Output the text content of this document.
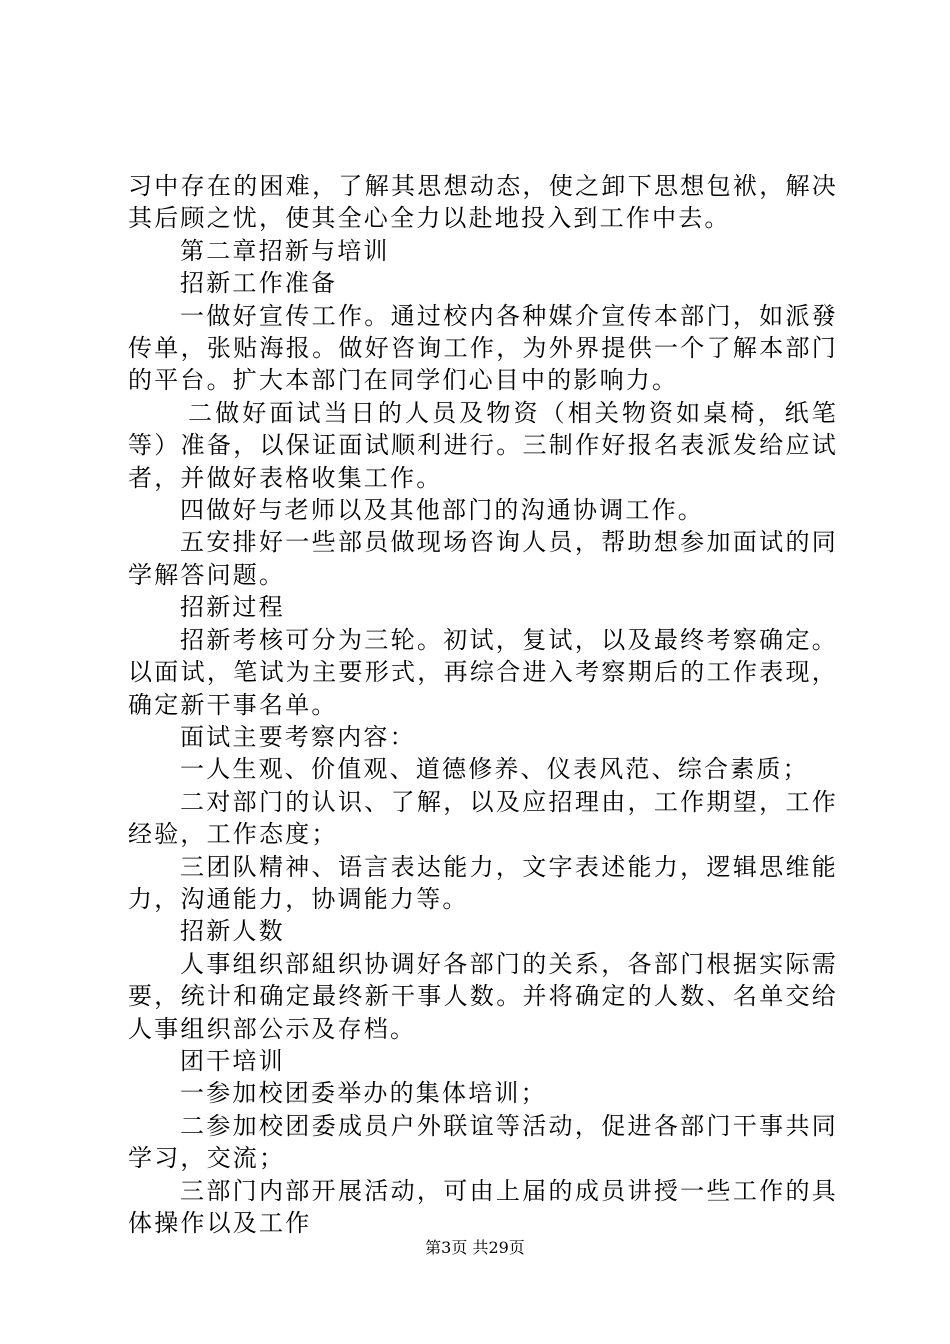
习中存在的困难，了解其思想动态，使之卸下思想包袱，解决其后顾之忧，使其全心全力以赴地投入到工作中去。

第二章招新与培训

招新工作准备

一做好宣传工作。通过校内各种媒介宣传本部门，如派發传单，张贴海报。做好咨询工作，为外界提供一个了解本部门的平台。扩大本部门在同学们心目中的影响力。

二做好面试当日的人员及物资（相关物资如桌椅，纸笔等）准备，以保证面试顺利进行。三制作好报名表派发给应试者，并做好表格收集工作。

四做好与老师以及其他部门的沟通协调工作。

五安排好一些部员做现场咨询人员，帮助想参加面试的同学解答问题。

招新过程

招新考核可分为三轮。初试，复试，以及最终考察确定。以面试，笔试为主要形式，再综合进入考察期后的工作表现，确定新干事名单。

面试主要考察内容：

一人生观、价值观、道德修养、仪表风范、综合素质；

二对部门的认识、了解，以及应招理由，工作期望，工作经验，工作态度；

三团队精神、语言表达能力，文字表述能力，逻辑思维能力，沟通能力，协调能力等。

招新人数

人事组织部組织协调好各部门的关系，各部门根据实际需要，统计和确定最终新干事人数。并将确定的人数、名单交给人事组织部公示及存档。

团干培训

一参加校团委举办的集体培训；

二参加校团委成员户外联谊等活动，促进各部门干事共同学习，交流；

三部门内部开展活动，可由上届的成员讲授一些工作的具体操作以及工作

第3页 共29页
